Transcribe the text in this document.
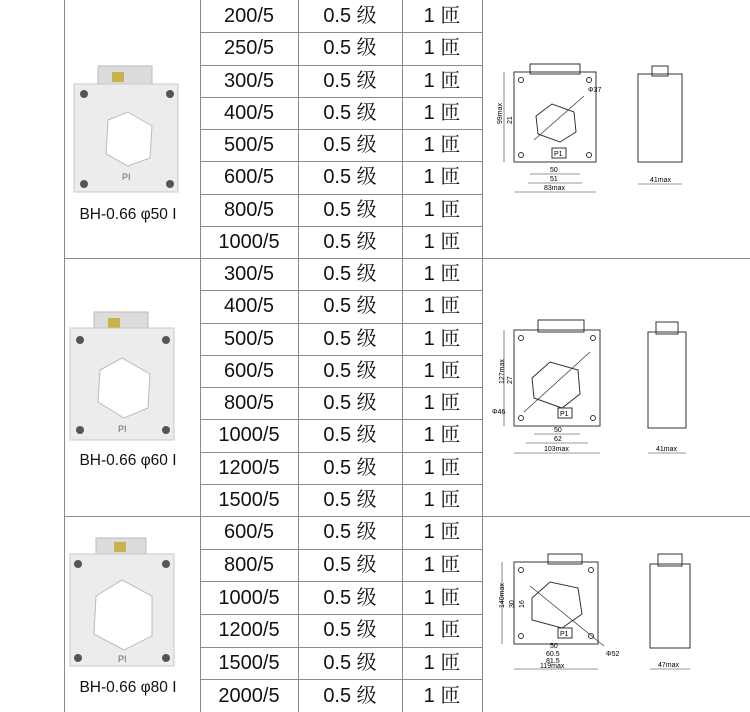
200/5	0.5 级	1 匝
250/5	0.5 级	1 匝
300/5	0.5 级	1 匝
400/5	0.5 级	1 匝
500/5	0.5 级	1 匝
600/5	0.5 级	1 匝
800/5	0.5 级	1 匝
1000/5	0.5 级	1 匝
300/5	0.5 级	1 匝
400/5	0.5 级	1 匝
500/5	0.5 级	1 匝
600/5	0.5 级	1 匝
800/5	0.5 级	1 匝
1000/5	0.5 级	1 匝
1200/5	0.5 级	1 匝
1500/5	0.5 级	1 匝
600/5	0.5 级	1 匝
800/5	0.5 级	1 匝
1000/5	0.5 级	1 匝
1200/5	0.5 级	1 匝
1500/5	0.5 级	1 匝
2000/5	0.5 级	1 匝
PI
BH-0.66 φ50 I
PI
BH-0.66 φ60 I
PI
BH-0.66 φ80 I
P1
Φ37
99max 21
50
51
83max
41max
P1
Φ46
127max 27
50
62
103max	41max
P1
Φ52
140max 30 16
50
60.5
81.5
119max	47max
